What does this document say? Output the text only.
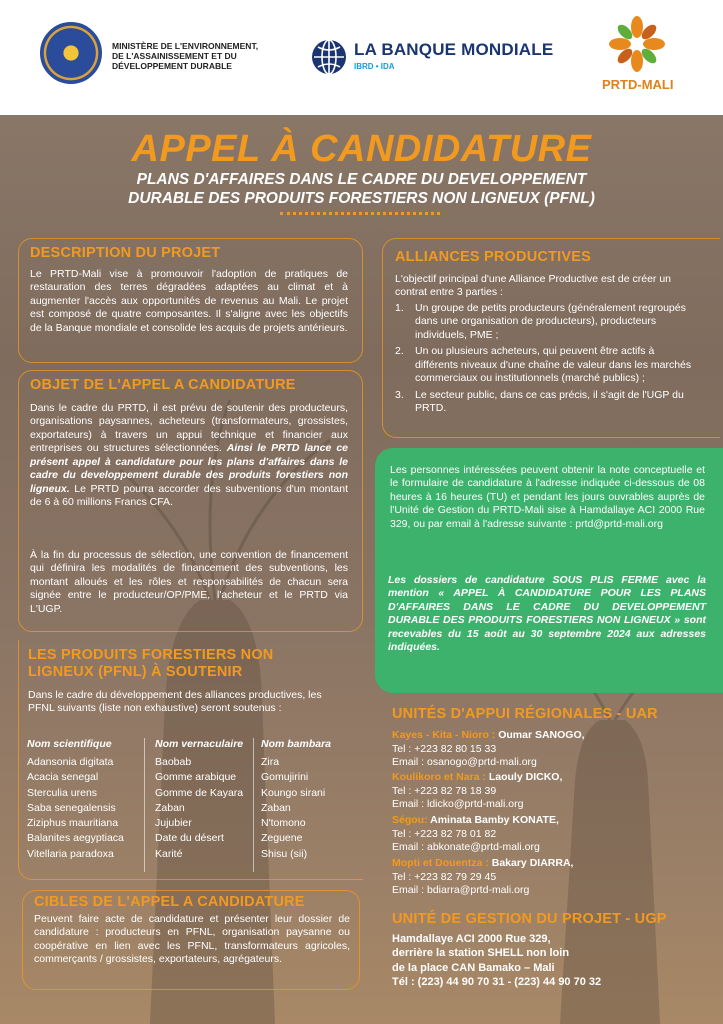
MINISTÈRE DE L'ENVIRONNEMENT,
DE L'ASSAINISSEMENT ET DU
DÉVELOPPEMENT DURABLE
LA BANQUE MONDIALE
IBRD • IDA
PRTD-MALI
APPEL À CANDIDATURE
PLANS D'AFFAIRES DANS LE CADRE DU DEVELOPPEMENT
DURABLE DES PRODUITS FORESTIERS NON LIGNEUX (PFNL)
DESCRIPTION DU PROJET
Le PRTD-Mali vise à promouvoir l'adoption de pratiques de restauration des terres dégradées adaptées au climat et à augmenter l'accès aux opportunités de revenus au Mali. Le projet est composé de quatre composantes. Il s'aligne avec les objectifs de la Banque mondiale et consolide les acquis de projets antérieurs.
OBJET DE L'APPEL A CANDIDATURE
Dans le cadre du PRTD, il est prévu de soutenir des producteurs, organisations paysannes, acheteurs (transformateurs, grossistes, exportateurs) à travers un appui technique et financier aux entreprises ou structures sélectionnées. Ainsi le PRTD lance ce présent appel à candidature pour les plans d'affaires dans le cadre du developpement durable des produits forestiers non ligneux. Le PRTD pourra accorder des subventions d'un montant de 6 à 60 millions Francs CFA.
À la fin du processus de sélection, une convention de financement qui définira les modalités de financement des subventions, les montant alloués et les rôles et responsabilités de chacun sera signée entre le producteur/OP/PME, l'acheteur et le PRTD via L'UGP.
LES PRODUITS FORESTIERS NON
LIGNEUX (PFNL) À SOUTENIR
Dans le cadre du développement des alliances productives, les PFNL suivants (liste non exhaustive) seront soutenus :
Nom scientifique	Nom vernaculaire	Nom bambara
Adansonia digitata	Baobab	Zira
Acacia senegal	Gomme arabique	Gomujirini
Sterculia urens	Gomme de Kayara	Koungo sirani
Saba senegalensis	Zaban	Zaban
Ziziphus mauritiana	Jujubier	N'tomono
Balanites aegyptiaca	Date du désert	Zeguene
Vitellaria paradoxa	Karité	Shisu (sii)
CIBLES DE L'APPEL A CANDIDATURE
Peuvent faire acte de candidature et présenter leur dossier de candidature : producteurs en PFNL, organisation paysanne ou coopérative en lien avec les PFNL, transformateurs agricoles, commerçants / grossistes, exportateurs, agrégateurs.
ALLIANCES PRODUCTIVES
L'objectif principal d'une Alliance Productive est de créer un contrat entre 3 parties :
1. Un groupe de petits producteurs (généralement regroupés dans une organisation de producteurs), producteurs individuels, PME ;
2. Un ou plusieurs acheteurs, qui peuvent être actifs à différents niveaux d'une chaîne de valeur dans les marchés commerciaux ou institutionnels (marché publics) ;
3. Le secteur public, dans ce cas précis, il s'agit de l'UGP du PRTD.
Les personnes intéressées peuvent obtenir la note conceptuelle et le formulaire de candidature à l'adresse indiquée ci-dessous de 08 heures à 16 heures (TU) et pendant les jours ouvrables auprès de l'Unité de Gestion du PRTD-Mali sise à Hamdallaye ACI 2000 Rue 329, ou par email à l'adresse suivante : prtd@prtd-mali.org
Les dossiers de candidature SOUS PLIS FERME avec la mention « APPEL À CANDIDATURE POUR LES PLANS D'AFFAIRES DANS LE CADRE DU DEVELOPPEMENT DURABLE DES PRODUITS FORESTIERS NON LIGNEUX » sont recevables du 15 août au 30 septembre 2024 aux adresses indiquées.
UNITÉS D'APPUI RÉGIONALES - UAR
Kayes - Kita - Nioro : Oumar SANOGO,
Tel : +223 82 80 15 33
Email : osanogo@prtd-mali.org
Koulikoro et Nara : Laouly DICKO,
Tel : +223 82 78 18 39
Email : ldicko@prtd-mali.org
Ségou: Aminata Bamby KONATE,
Tel : +223 82 78 01 82
Email : abkonate@prtd-mali.org
Mopti et Douentza : Bakary DIARRA,
Tel : +223 82 79 29 45
Email : bdiarra@prtd-mali.org
UNITÉ DE GESTION DU PROJET - UGP
Hamdallaye ACI 2000 Rue 329,
derrière la station SHELL non loin
de la place CAN Bamako – Mali
Tél : (223) 44 90 70 31 - (223) 44 90 70 32
